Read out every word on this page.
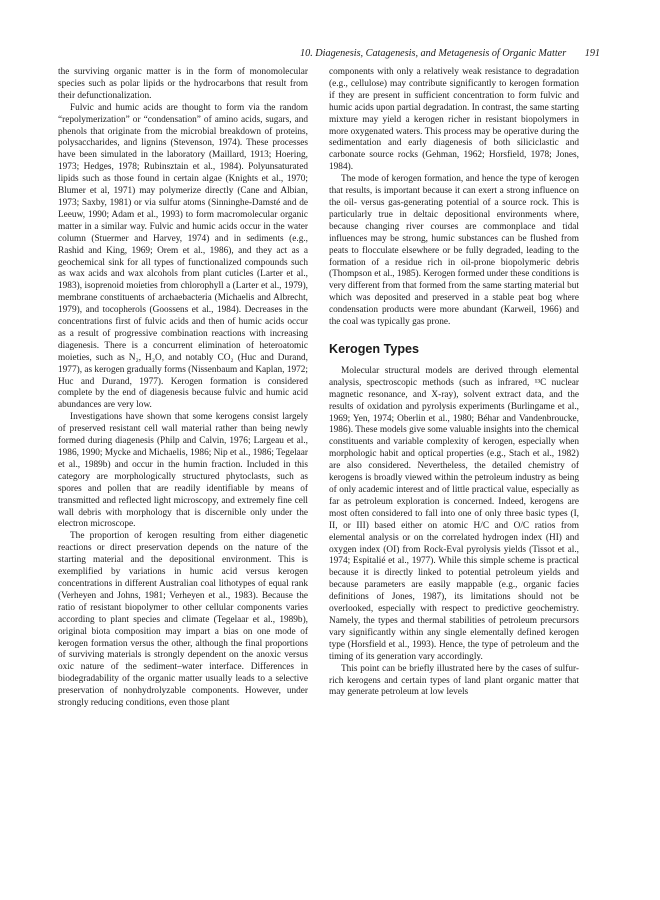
10. Diagenesis, Catagenesis, and Metagenesis of Organic Matter 191

the surviving organic matter is in the form of monomolecular species such as polar lipids or the hydrocarbons that result from their defunctionalization.

Fulvic and humic acids are thought to form via the random “repolymerization” or “condensation” of amino acids, sugars, and phenols that originate from the microbial breakdown of proteins, polysaccharides, and lignins (Stevenson, 1974). These processes have been simulated in the laboratory (Maillard, 1913; Hoering, 1973; Hedges, 1978; Rubinsztain et al., 1984). Polyunsaturated lipids such as those found in certain algae (Knights et al., 1970; Blumer et al, 1971) may polymerize directly (Cane and Albian, 1973; Saxby, 1981) or via sulfur atoms (Sinninghe-Damsté and de Leeuw, 1990; Adam et al., 1993) to form macromolecular organic matter in a similar way. Fulvic and humic acids occur in the water column (Stuermer and Harvey, 1974) and in sediments (e.g., Rashid and King, 1969; Orem et al., 1986), and they act as a geochemical sink for all types of functionalized compounds such as wax acids and wax alcohols from plant cuticles (Larter et al., 1983), isoprenoid moieties from chlorophyll a (Larter et al., 1979), membrane constituents of archaebacteria (Michaelis and Albrecht, 1979), and tocopherols (Goossens et al., 1984). Decreases in the concentrations first of fulvic acids and then of humic acids occur as a result of progressive combination reactions with increasing diagenesis. There is a concurrent elimination of heteroatomic moieties, such as N₂, H₂O, and notably CO₂ (Huc and Durand, 1977), as kerogen gradually forms (Nissenbaum and Kaplan, 1972; Huc and Durand, 1977). Kerogen formation is considered complete by the end of diagenesis because fulvic and humic acid abundances are very low.

Investigations have shown that some kerogens consist largely of preserved resistant cell wall material rather than being newly formed during diagenesis (Philp and Calvin, 1976; Largeau et al., 1986, 1990; Mycke and Michaelis, 1986; Nip et al., 1986; Tegelaar et al., 1989b) and occur in the humin fraction. Included in this category are morphologically structured phytoclasts, such as spores and pollen that are readily identifiable by means of transmitted and reflected light microscopy, and extremely fine cell wall debris with morphology that is discernible only under the electron microscope.

The proportion of kerogen resulting from either diagenetic reactions or direct preservation depends on the nature of the starting material and the depositional environment. This is exemplified by variations in humic acid versus kerogen concentrations in different Australian coal lithotypes of equal rank (Verheyen and Johns, 1981; Verheyen et al., 1983). Because the ratio of resistant biopolymer to other cellular components varies according to plant species and climate (Tegelaar et al., 1989b), original biota composition may impart a bias on one mode of kerogen formation versus the other, although the final proportions of surviving materials is strongly dependent on the anoxic versus oxic nature of the sediment–water interface. Differences in biodegradability of the organic matter usually leads to a selective preservation of nonhydrolyzable components. However, under strongly reducing conditions, even those plant

components with only a relatively weak resistance to degradation (e.g., cellulose) may contribute significantly to kerogen formation if they are present in sufficient concentration to form fulvic and humic acids upon partial degradation. In contrast, the same starting mixture may yield a kerogen richer in resistant biopolymers in more oxygenated waters. This process may be operative during the sedimentation and early diagenesis of both siliciclastic and carbonate source rocks (Gehman, 1962; Horsfield, 1978; Jones, 1984).

The mode of kerogen formation, and hence the type of kerogen that results, is important because it can exert a strong influence on the oil- versus gas-generating potential of a source rock. This is particularly true in deltaic depositional environments where, because changing river courses are commonplace and tidal influences may be strong, humic substances can be flushed from peats to flocculate elsewhere or be fully degraded, leading to the formation of a residue rich in oil-prone biopolymeric debris (Thompson et al., 1985). Kerogen formed under these conditions is very different from that formed from the same starting material but which was deposited and preserved in a stable peat bog where condensation products were more abundant (Karweil, 1966) and the coal was typically gas prone.

Kerogen Types

Molecular structural models are derived through elemental analysis, spectroscopic methods (such as infrared, ¹³C nuclear magnetic resonance, and X-ray), solvent extract data, and the results of oxidation and pyrolysis experiments (Burlingame et al., 1969; Yen, 1974; Oberlin et al., 1980; Béhar and Vandenbroucke, 1986). These models give some valuable insights into the chemical constituents and variable complexity of kerogen, especially when morphologic habit and optical properties (e.g., Stach et al., 1982) are also considered. Nevertheless, the detailed chemistry of kerogens is broadly viewed within the petroleum industry as being of only academic interest and of little practical value, especially as far as petroleum exploration is concerned. Indeed, kerogens are most often considered to fall into one of only three basic types (I, II, or III) based either on atomic H/C and O/C ratios from elemental analysis or on the correlated hydrogen index (HI) and oxygen index (OI) from Rock-Eval pyrolysis yields (Tissot et al., 1974; Espitalié et al., 1977). While this simple scheme is practical because it is directly linked to potential petroleum yields and because parameters are easily mappable (e.g., organic facies definitions of Jones, 1987), its limitations should not be overlooked, especially with respect to predictive geochemistry. Namely, the types and thermal stabilities of petroleum precursors vary significantly within any single elementally defined kerogen type (Horsfield et al., 1993). Hence, the type of petroleum and the timing of its generation vary accordingly.

This point can be briefly illustrated here by the cases of sulfur-rich kerogens and certain types of land plant organic matter that may generate petroleum at low levels
